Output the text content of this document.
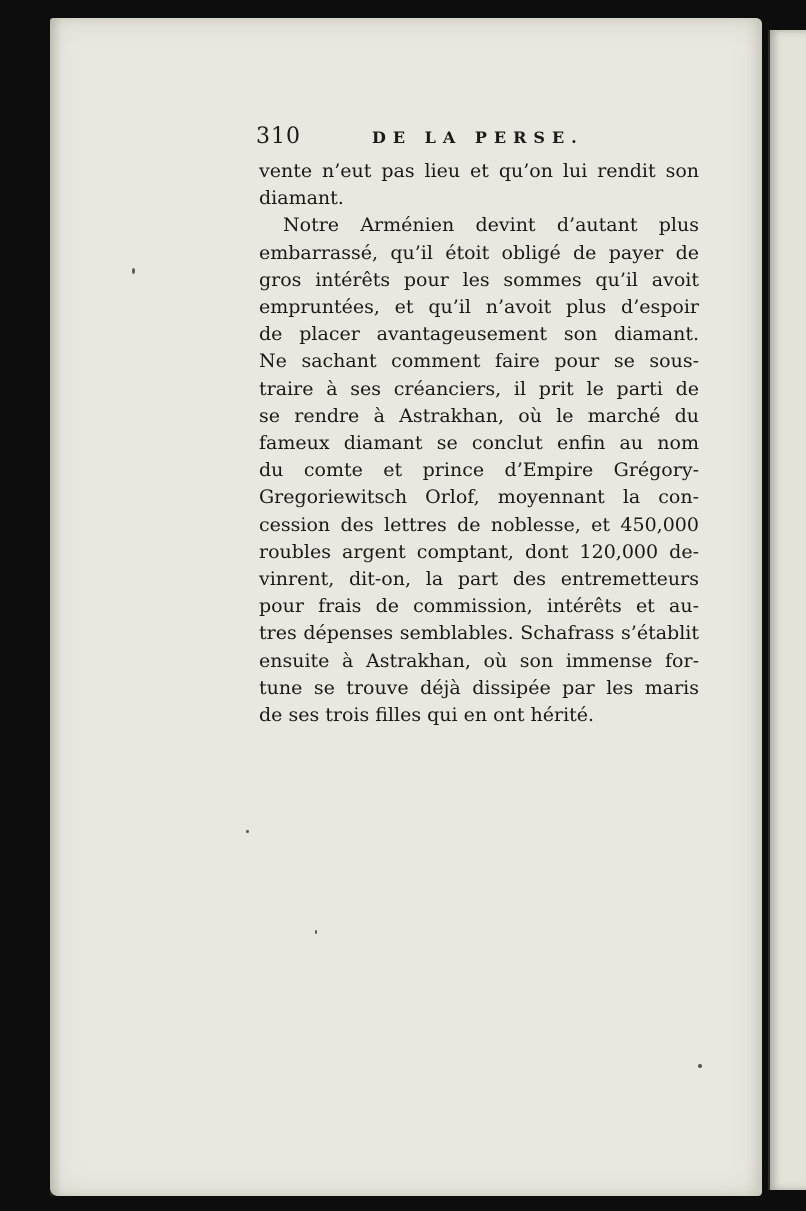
310	DE LA PERSE.
vente n’eut pas lieu et qu’on lui rendit son
diamant.
Notre Arménien devint d’autant plus
embarrassé, qu’il étoit obligé de payer de
gros intérêts pour les sommes qu’il avoit
empruntées, et qu’il n’avoit plus d’espoir
de placer avantageusement son diamant.
Ne sachant comment faire pour se sous-
traire à ses créanciers, il prit le parti de
se rendre à Astrakhan, où le marché du
fameux diamant se conclut enfin au nom
du comte et prince d’Empire Grégory-
Gregoriewitsch Orlof, moyennant la con-
cession des lettres de noblesse, et 450,000
roubles argent comptant, dont 120,000 de-
vinrent, dit-on, la part des entremetteurs
pour frais de commission, intérêts et au-
tres dépenses semblables. Schafrass s’établit
ensuite à Astrakhan, où son immense for-
tune se trouve déjà dissipée par les maris
de ses trois filles qui en ont hérité.
